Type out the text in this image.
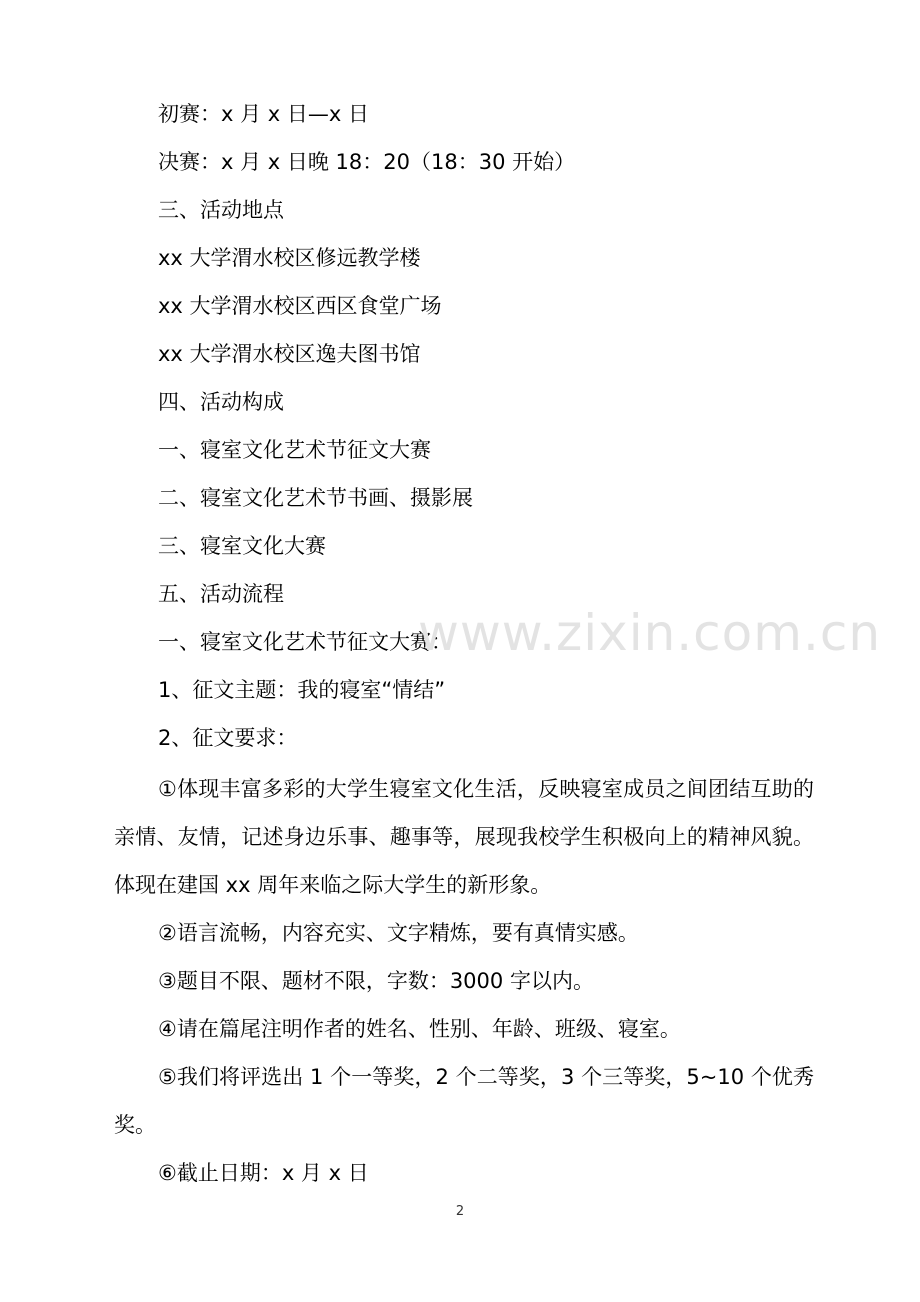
初赛：x 月 x 日—x 日
决赛：x 月 x 日晚 18：20（18：30 开始）
三、活动地点
xx 大学渭水校区修远教学楼
xx 大学渭水校区西区食堂广场
xx 大学渭水校区逸夫图书馆
四、活动构成
一、寝室文化艺术节征文大赛
二、寝室文化艺术节书画、摄影展
三、寝室文化大赛
五、活动流程
一、寝室文化艺术节征文大赛：
1、征文主题：我的寝室“情结”
2、征文要求：
①体现丰富多彩的大学生寝室文化生活，反映寝室成员之间团结互助的亲情、友情，记述身边乐事、趣事等，展现我校学生积极向上的精神风貌。体现在建国 xx 周年来临之际大学生的新形象。
②语言流畅，内容充实、文字精炼，要有真情实感。
③题目不限、题材不限，字数：3000 字以内。
④请在篇尾注明作者的姓名、性别、年龄、班级、寝室。
⑤我们将评选出 1 个一等奖，2 个二等奖，3 个三等奖，5~10 个优秀奖。
⑥截止日期：x 月 x 日
www.zixin.com.cn
2
